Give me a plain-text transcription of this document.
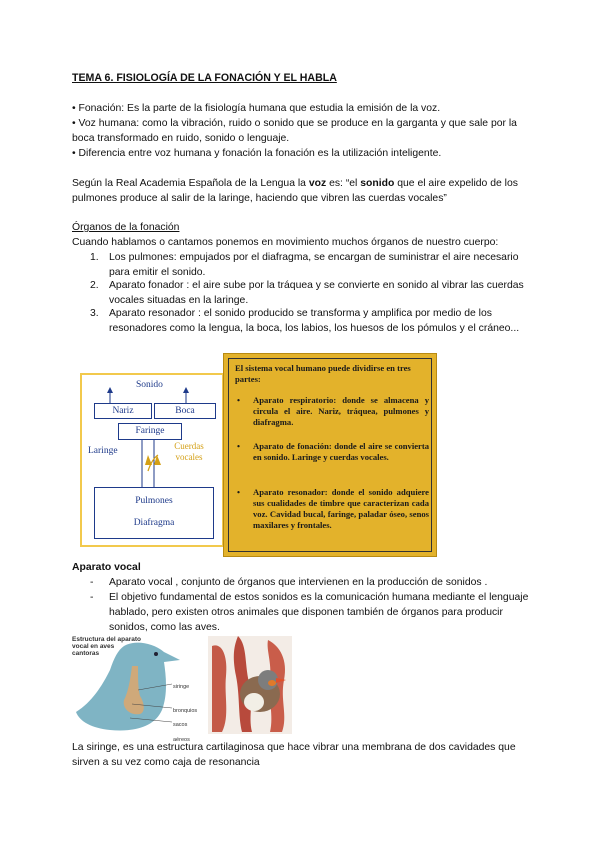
TEMA 6. FISIOLOGÍA DE LA FONACIÓN Y EL HABLA
• Fonación: Es la parte de la fisiología humana que estudia la emisión de la voz.
• Voz humana: como la vibración, ruido o sonido que se produce en la garganta y que sale por la boca transformado en ruido, sonido o lenguaje.
• Diferencia entre voz humana y fonación la fonación es la utilización inteligente.
Según la Real Academia Española de la Lengua la voz es: “el sonido que el aire expelido de los pulmones produce al salir de la laringe, haciendo que vibren las cuerdas vocales”
Órganos de la fonación
Cuando hablamos o cantamos ponemos en movimiento muchos órganos de nuestro cuerpo:
1. Los pulmones: empujados por el diafragma, se encargan de suministrar el aire necesario para emitir el sonido.
2. Aparato fonador : el aire sube por la tráquea y se convierte en sonido al vibrar las cuerdas vocales situadas en la laringe.
3. Aparato resonador : el sonido producido se transforma y amplifica por medio de los resonadores como la lengua, la boca, los labios, los huesos de los pómulos y el cráneo...
Sonido
Nariz	Boca
Faringe
Laringe	Cuerdas vocales
Pulmones
Diafragma
El sistema vocal humano puede dividirse en tres partes:
• Aparato respiratorio: donde se almacena y circula el aire. Nariz, tráquea, pulmones y diafragma.
• Aparato de fonación: donde el aire se convierta en sonido. Laringe y cuerdas vocales.
• Aparato resonador: donde el sonido adquiere sus cualidades de timbre que caracterizan cada voz. Cavidad bucal, faringe, paladar óseo, senos maxilares y frontales.
Aparato vocal
- Aparato vocal , conjunto de órganos que intervienen en la producción de sonidos .
- El objetivo fundamental de estos sonidos es la comunicación humana mediante el lenguaje hablado, pero existen otros animales que disponen también de órganos para producir sonidos, como las aves.
Estructura del aparato vocal en aves cantoras
siringe
bronquios
sacos aéreos
La siringe, es una estructura cartilaginosa que hace vibrar una membrana de dos cavidades que sirven a su vez como caja de resonancia
